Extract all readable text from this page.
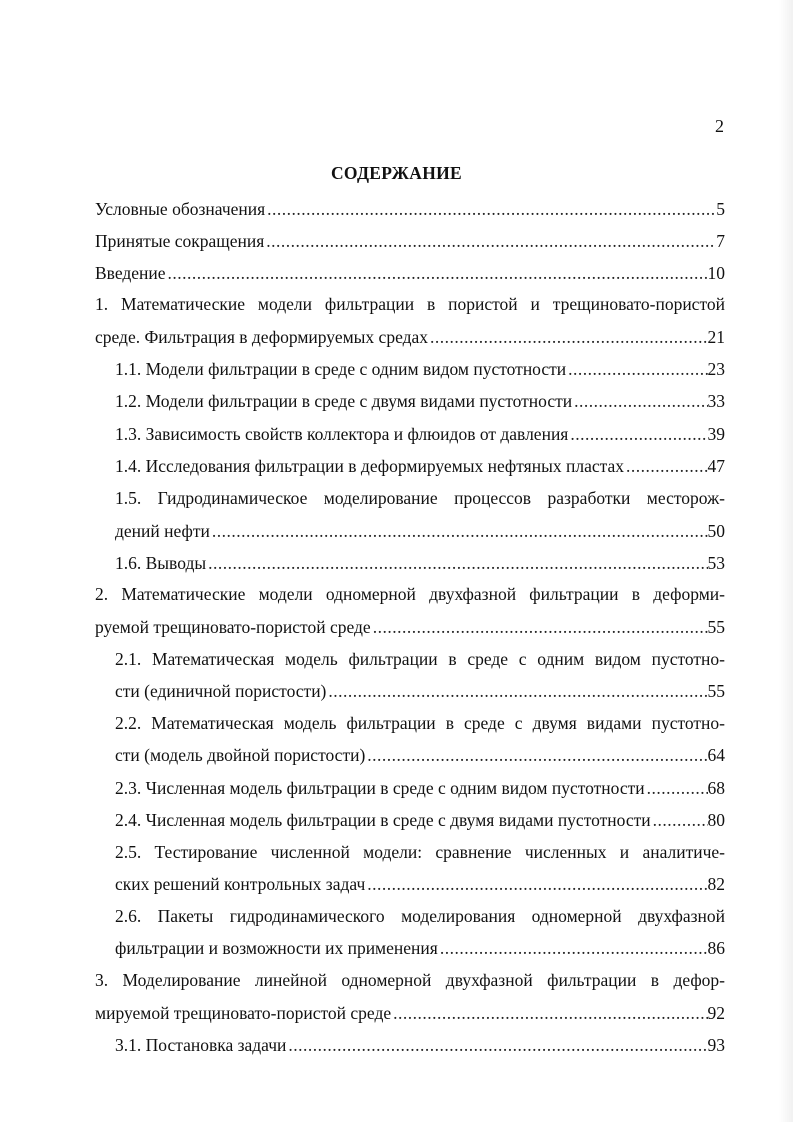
2
СОДЕРЖАНИЕ
Условные обозначения .....	5
Принятые сокращения .....	7
Введение .....	10
1. Математические модели фильтрации в пористой и трещиновато-пористой
среде. Фильтрация в деформируемых средах .....	21
1.1. Модели фильтрации в среде с одним видом пустотности .....	23
1.2. Модели фильтрации в среде с двумя видами пустотности .....	33
1.3. Зависимость свойств коллектора и флюидов от давления .....	39
1.4. Исследования фильтрации в деформируемых нефтяных пластах .....	47
1.5. Гидродинамическое моделирование процессов разработки месторож-
дений нефти .....	50
1.6. Выводы .....	53
2. Математические модели одномерной двухфазной фильтрации в деформи-
руемой трещиновато-пористой среде .....	55
2.1. Математическая модель фильтрации в среде с одним видом пустотно-
сти (единичной пористости) .....	55
2.2. Математическая модель фильтрации в среде с двумя видами пустотно-
сти (модель двойной пористости) .....	64
2.3. Численная модель фильтрации в среде с одним видом пустотности .....	68
2.4. Численная модель фильтрации в среде с двумя видами пустотности .....	80
2.5. Тестирование численной модели: сравнение численных и аналитиче-
ских решений контрольных задач .....	82
2.6. Пакеты гидродинамического моделирования одномерной двухфазной
фильтрации и возможности их применения .....	86
3. Моделирование линейной одномерной двухфазной фильтрации в дефор-
мируемой трещиновато-пористой среде .....	92
3.1. Постановка задачи .....	93
